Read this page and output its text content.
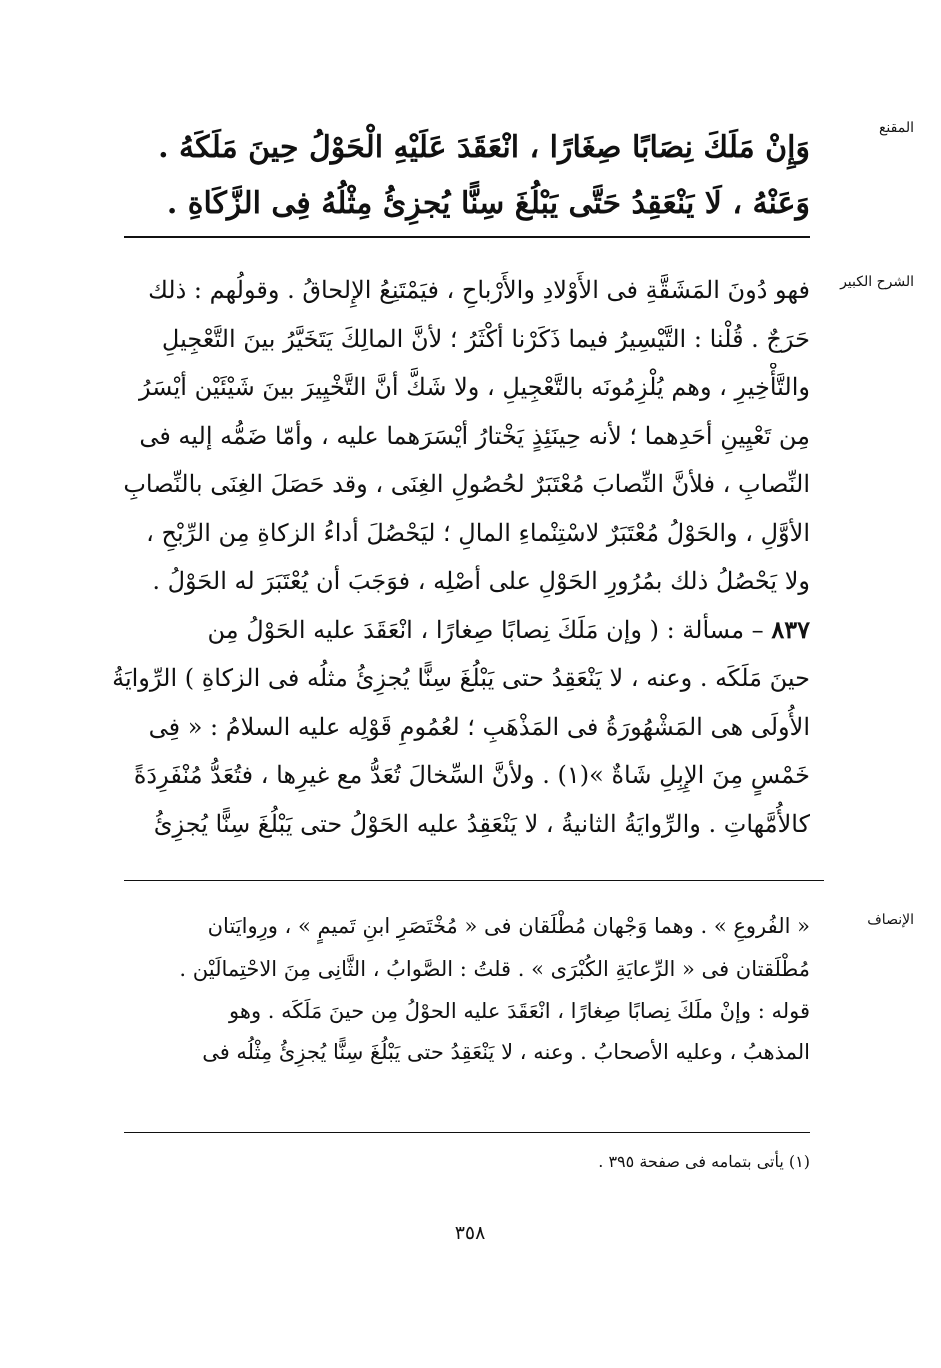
المقنع
وَإِنْ مَلَكَ نِصَابًا صِغَارًا ، انْعَقَدَ عَلَيْهِ الْحَوْلُ حِينَ مَلَكَهُ .
وَعَنْهُ ، لَا يَنْعَقِدُ حَتَّى يَبْلُغَ سِنًّا يُجزِئُ مِثْلُهُ فِى الزَّكَاةِ .
الشرح الكبير
فهو دُونَ المَشَقَّةِ فى الأَوْلادِ والأَرْباحِ ، فيَمْتَنِعُ الإِلحاقُ . وقولُهم : ذلك
حَرَجٌ . قُلْنا : التَّيْسِيرُ فيما ذَكَرْنا أكْثَرُ ؛ لأنَّ المالِكَ يَتَخَيَّرُ بينَ التَّعْجِيلِ
والتَّأْخِيرِ ، وهم يُلْزِمُونَه بالتَّعْجِيلِ ، ولا شَكَّ أنَّ التَّخْيِيرَ بينَ شَيْئَيْن أيْسَرُ
مِن تَعْيِينِ أحَدِهما ؛ لأنه حِينَئِذٍ يَخْتارُ أيْسَرَهما عليه ، وأمّا ضَمُّه إليه فى
النِّصابِ ، فلأنَّ النِّصابَ مُعْتَبَرٌ لحُصُولِ الغِنَى ، وقد حَصَلَ الغِنَى بالنِّصابِ
الأوَّلِ ، والحَوْلُ مُعْتَبَرٌ لاسْتِنْماءِ المالِ ؛ ليَحْصُلَ أداءُ الزكاةِ مِن الرِّبْحِ ،
ولا يَحْصُلُ ذلك بمُرُورِ الحَوْلِ على أصْلِه ، فوَجَبَ أن يُعْتَبَرَ له الحَوْلُ .
٨٣٧ – مسألة : ( وإن مَلَكَ نِصابًا صِغارًا ، انْعَقَدَ عليه الحَوْلُ مِن
حينَ مَلَكَه . وعنه ، لا يَنْعَقِدُ حتى يَبْلُغَ سِنًّا يُجزِئُ مثلُه فى الزكاةِ ) الرِّوايَةُ
الأُولَى هى المَشْهُورَةُ فى المَذْهَبِ ؛ لعُمُومِ قَوْلِه عليه السلامُ : « فِى
خَمْسٍ مِنَ الإِبِلِ شَاةٌ »(١) . ولأنَّ السِّخالَ تُعَدُّ مع غيرِها ، فتُعَدُّ مُنْفَرِدَةً
كالأُمَّهاتِ . والرِّوايَةُ الثانيةُ ، لا يَنْعَقِدُ عليه الحَوْلُ حتى يَبْلُغَ سِنًّا يُجزِئُ
الإنصاف
« الفُروعِ » . وهما وَجْهان مُطْلَقان فى « مُخْتَصَرِ ابنِ تَميمٍ » ، ورِوايَتان
مُطْلَقتان فى « الرِّعايَةِ الكُبْرَى » . قلتُ : الصَّوابُ ، الثَّانِى مِنَ الاحْتِمالَيْن .
قوله : وإنْ ملَكَ نِصابًا صِغارًا ، انْعَقَدَ عليه الحوْلُ مِن حينَ مَلَكَه . وهو
المذهبُ ، وعليه الأصحابُ . وعنه ، لا يَنْعَقِدُ حتى يَبْلُغَ سِنًّا يُجزِئُ مِثْلُه فى
(١) يأتى بتمامه فى صفحة ٣٩٥ .
٣٥٨
